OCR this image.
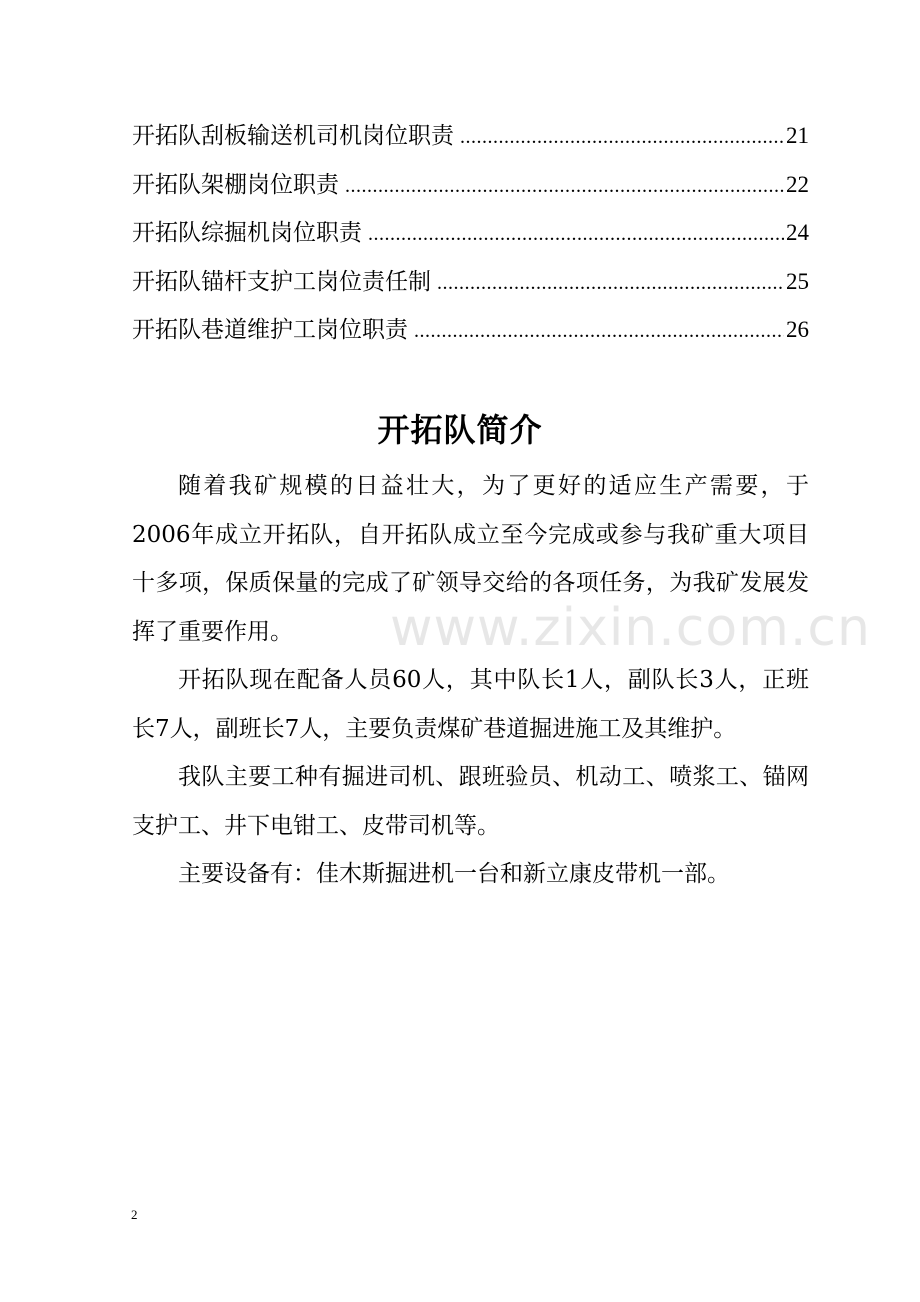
开拓队刮板输送机司机岗位职责 .....	21
开拓队架棚岗位职责 .....	22
开拓队综掘机岗位职责 .....	24
开拓队锚杆支护工岗位责任制 .....	25
开拓队巷道维护工岗位职责 .....	26
开拓队简介

随着我矿规模的日益壮大，为了更好的适应生产需要，于2006年成立开拓队，自开拓队成立至今完成或参与我矿重大项目十多项，保质保量的完成了矿领导交给的各项任务，为我矿发展发挥了重要作用。

开拓队现在配备人员60人，其中队长1人，副队长3人，正班长7人，副班长7人，主要负责煤矿巷道掘进施工及其维护。

我队主要工种有掘进司机、跟班验员、机动工、喷浆工、锚网支护工、井下电钳工、皮带司机等。

主要设备有：佳木斯掘进机一台和新立康皮带机一部。

www.zixin.com.cn
2
